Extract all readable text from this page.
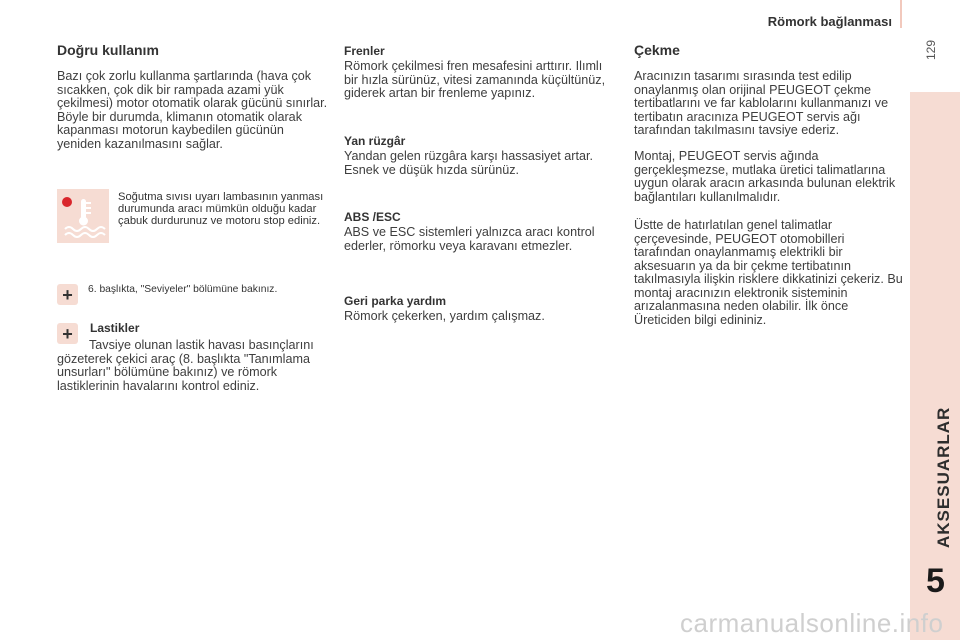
Römork bağlanması
129
AKSESUARLAR
5
Doğru kullanım

Bazı çok zorlu kullanma şartlarında (hava çok sıcakken, çok dik bir rampada azami yük çekilmesi) motor otomatik olarak gücünü sınırlar. Böyle bir durumda, klimanın otomatik olarak kapanması motorun kaybedilen gücünün yeniden kazanılmasını sağlar.

Soğutma sıvısı uyarı lambasının yanması durumunda aracı mümkün olduğu kadar çabuk durdurunuz ve motoru stop ediniz.

+ 6. başlıkta, "Seviyeler" bölümüne bakınız.

+ Lastikler

Tavsiye olunan lastik havası basınçlarını gözeterek çekici araç (8. başlıkta "Tanımlama unsurları" bölümüne bakınız) ve römork lastiklerinin havalarını kontrol ediniz.

Frenler

Römork çekilmesi fren mesafesini arttırır. Ilımlı bir hızla sürünüz, vitesi zamanında küçültünüz, giderek artan bir frenleme yapınız.

Yan rüzgâr

Yandan gelen rüzgâra karşı hassasiyet artar. Esnek ve düşük hızda sürünüz.

ABS /ESC

ABS ve ESC sistemleri yalnızca aracı kontrol ederler, römorku veya karavanı etmezler.

Geri parka yardım

Römork çekerken, yardım çalışmaz.

Çekme

Aracınızın tasarımı sırasında test edilip onaylanmış olan orijinal PEUGEOT çekme tertibatlarını ve far kablolarını kullanmanızı ve tertibatın aracınıza PEUGEOT servis ağı tarafından takılmasını tavsiye ederiz.

Montaj, PEUGEOT servis ağında gerçekleşmezse, mutlaka üretici talimatlarına uygun olarak aracın arkasında bulunan elektrik bağlantıları kullanılmalıdır.

Üstte de hatırlatılan genel talimatlar çerçevesinde, PEUGEOT otomobilleri tarafından onaylanmamış elektrikli bir aksesuarın ya da bir çekme tertibatının takılmasıyla ilişkin risklere dikkatinizi çekeriz. Bu montaj aracınızın elektronik sisteminin arızalanmasına neden olabilir. İlk önce Üreticiden bilgi edininiz.

carmanualsonline.info
